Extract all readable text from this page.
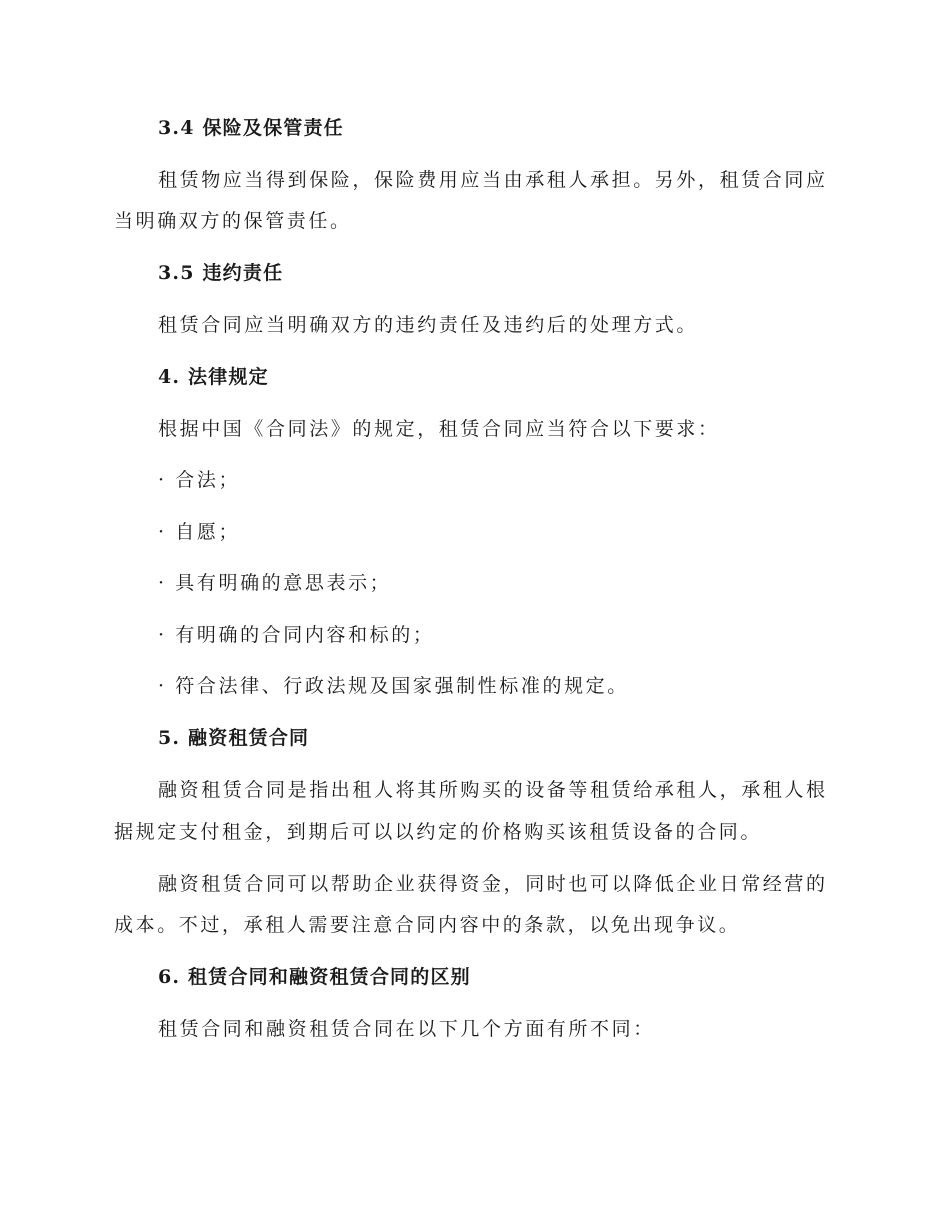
3.4 保险及保管责任
租赁物应当得到保险，保险费用应当由承租人承担。另外，租赁合同应
当明确双方的保管责任。
3.5 违约责任
租赁合同应当明确双方的违约责任及违约后的处理方式。
4. 法律规定
根据中国《合同法》的规定，租赁合同应当符合以下要求：
· 合法；
· 自愿；
· 具有明确的意思表示；
· 有明确的合同内容和标的；
· 符合法律、行政法规及国家强制性标准的规定。
5. 融资租赁合同
融资租赁合同是指出租人将其所购买的设备等租赁给承租人，承租人根
据规定支付租金，到期后可以以约定的价格购买该租赁设备的合同。
融资租赁合同可以帮助企业获得资金，同时也可以降低企业日常经营的
成本。不过，承租人需要注意合同内容中的条款，以免出现争议。
6. 租赁合同和融资租赁合同的区别
租赁合同和融资租赁合同在以下几个方面有所不同：
